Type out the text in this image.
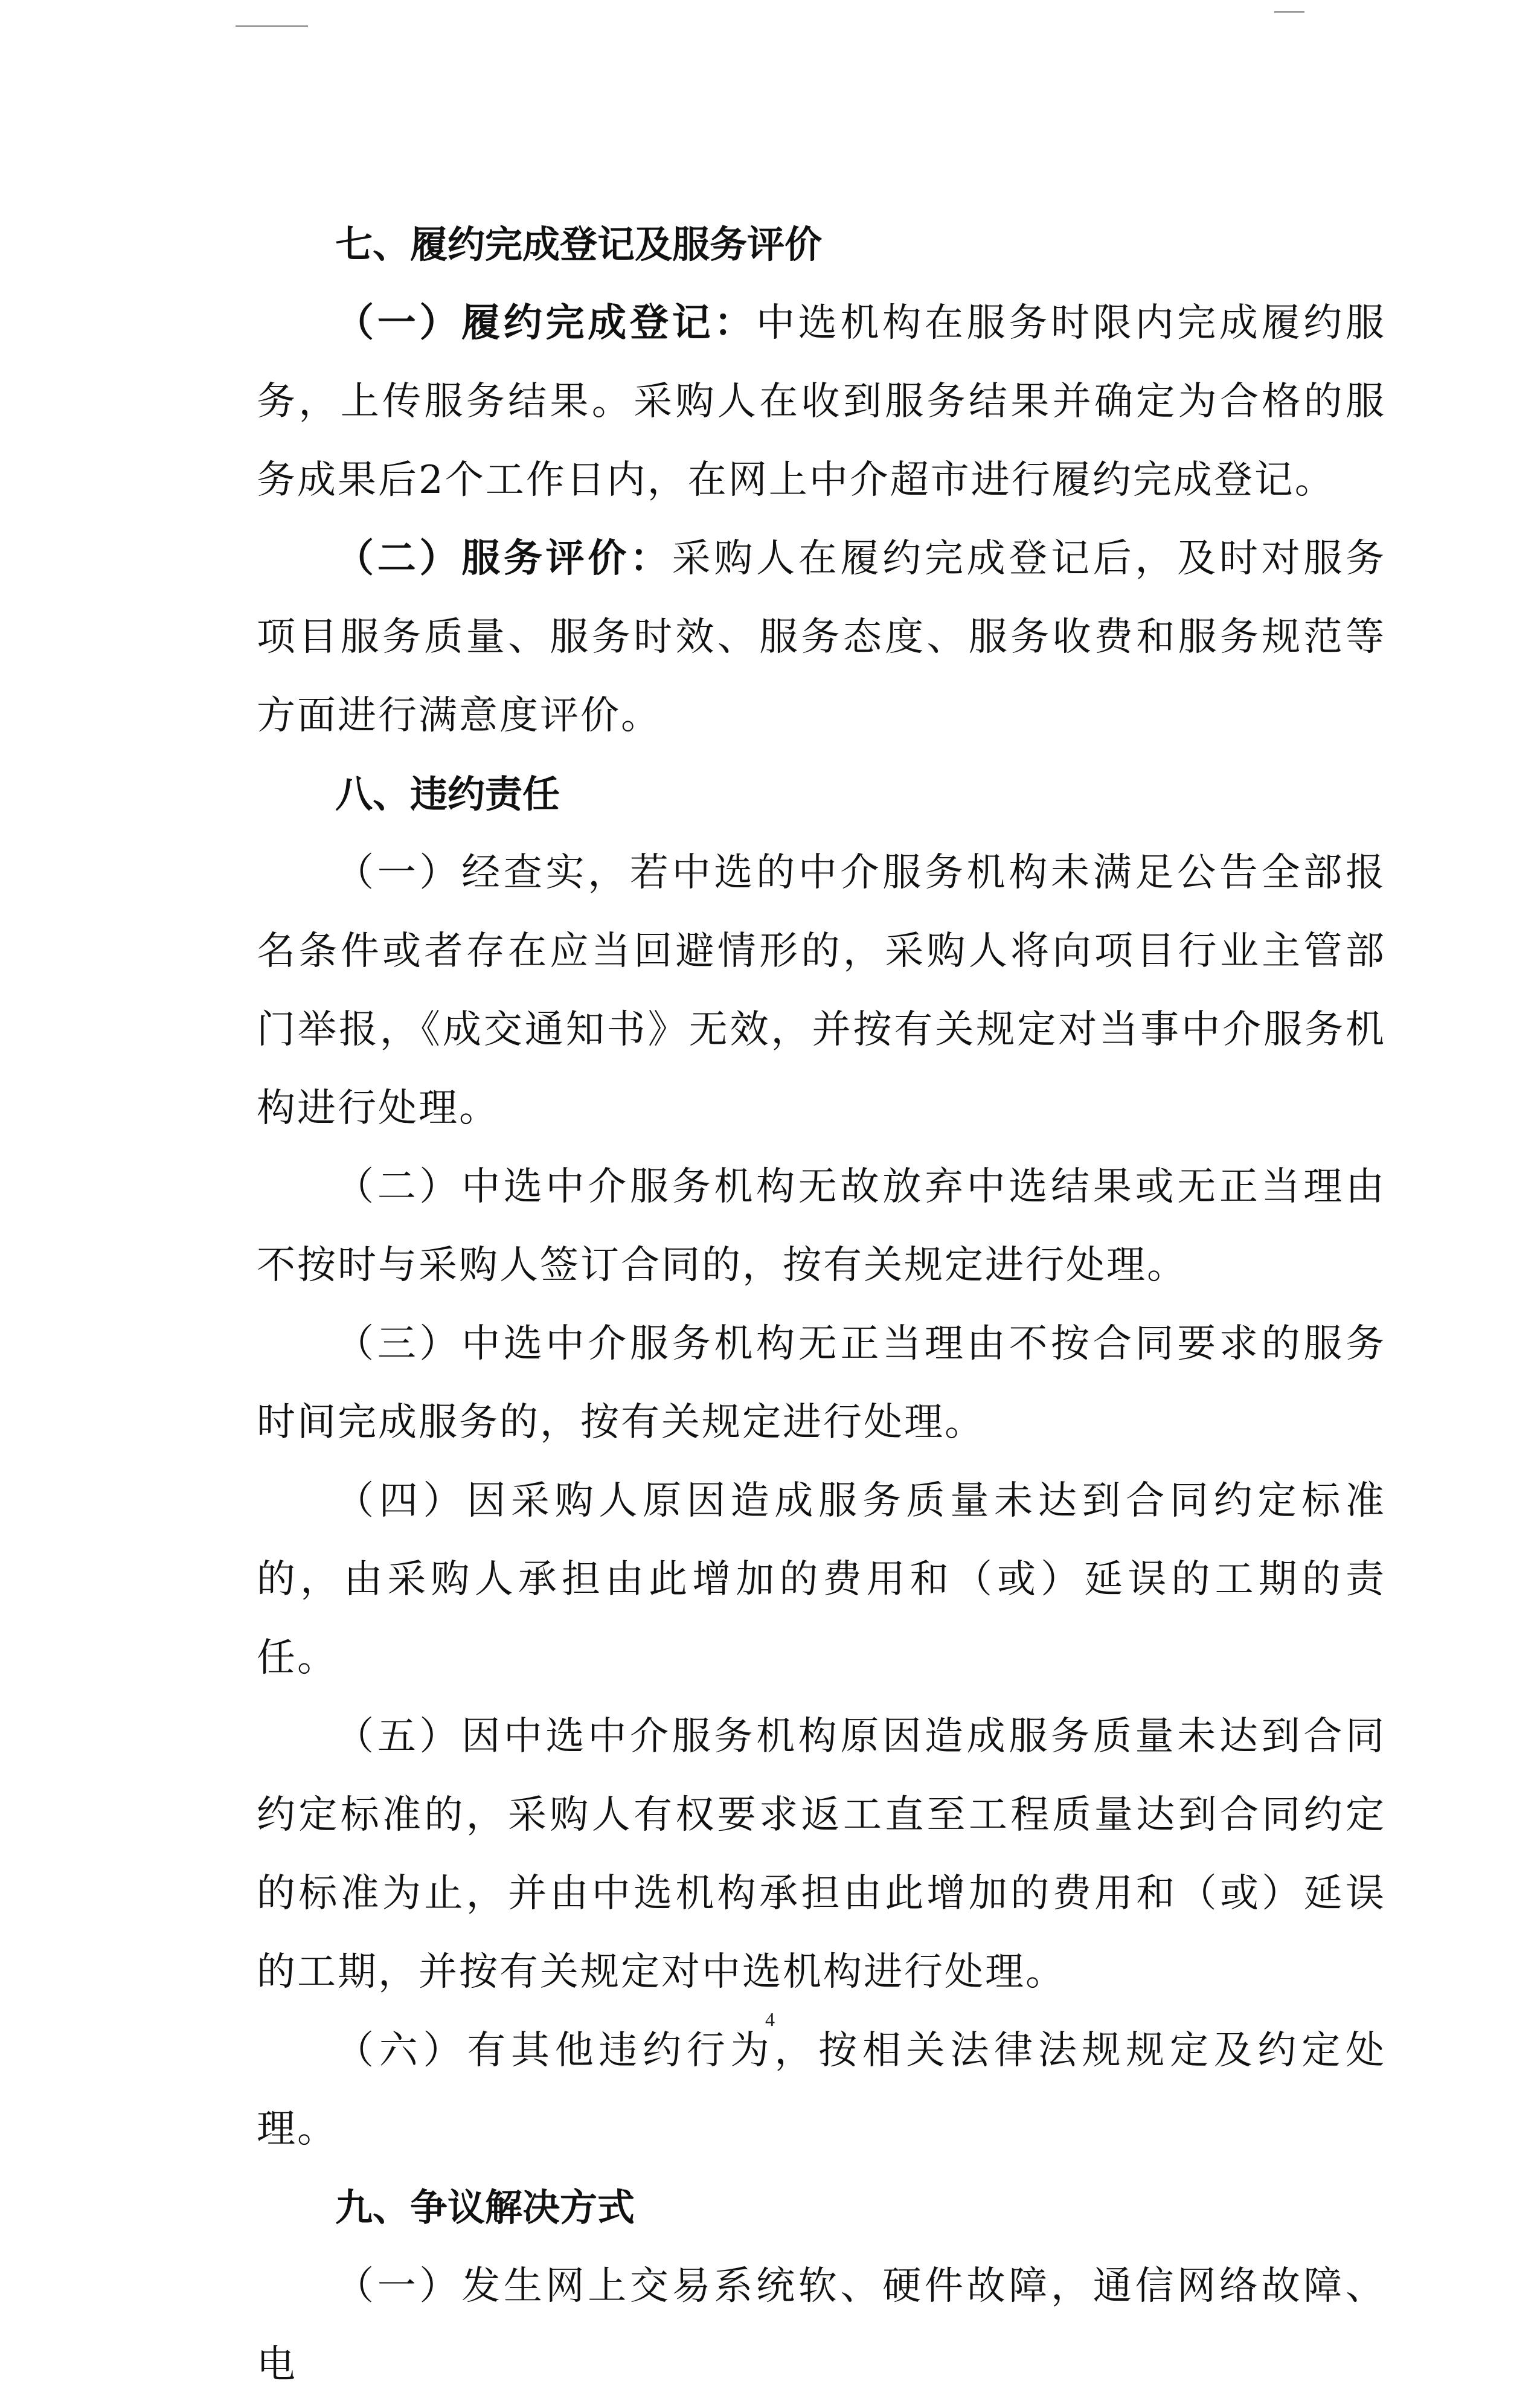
七、履约完成登记及服务评价

（一）履约完成登记：中选机构在服务时限内完成履约服务，上传服务结果。采购人在收到服务结果并确定为合格的服务成果后2个工作日内，在网上中介超市进行履约完成登记。

（二）服务评价：采购人在履约完成登记后，及时对服务项目服务质量、服务时效、服务态度、服务收费和服务规范等方面进行满意度评价。

八、违约责任

（一）经查实，若中选的中介服务机构未满足公告全部报名条件或者存在应当回避情形的，采购人将向项目行业主管部门举报，《成交通知书》无效，并按有关规定对当事中介服务机构进行处理。

（二）中选中介服务机构无故放弃中选结果或无正当理由不按时与采购人签订合同的，按有关规定进行处理。

（三）中选中介服务机构无正当理由不按合同要求的服务时间完成服务的，按有关规定进行处理。

（四）因采购人原因造成服务质量未达到合同约定标准的，由采购人承担由此增加的费用和（或）延误的工期的责任。

（五）因中选中介服务机构原因造成服务质量未达到合同约定标准的，采购人有权要求返工直至工程质量达到合同约定的标准为止，并由中选机构承担由此增加的费用和（或）延误的工期，并按有关规定对中选机构进行处理。

（六）有其他违约行为，按相关法律法规规定及约定处理。

九、争议解决方式

（一）发生网上交易系统软、硬件故障，通信网络故障、电

4
